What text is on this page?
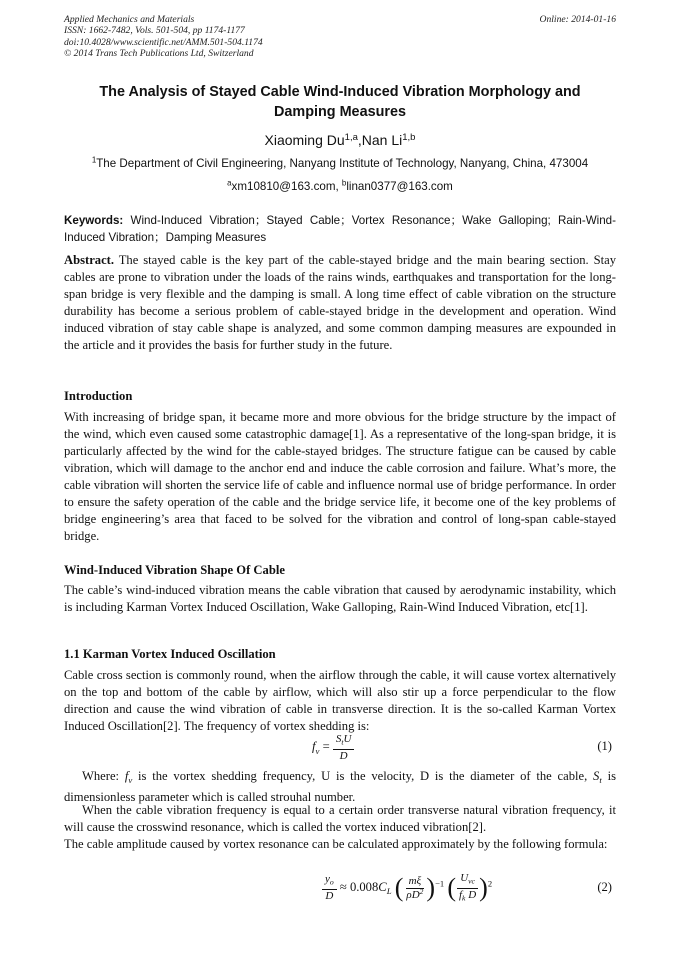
Applied Mechanics and Materials
ISSN: 1662-7482, Vols. 501-504, pp 1174-1177
doi:10.4028/www.scientific.net/AMM.501-504.1174
© 2014 Trans Tech Publications Ltd, Switzerland
Online: 2014-01-16
The Analysis of Stayed Cable Wind-Induced Vibration Morphology and
Damping Measures
Xiaoming Du$^{1,a}$,Nan Li$^{1,b}$
$^1$The Department of Civil Engineering, Nanyang Institute of Technology, Nanyang, China, 473004
$^a$xm10810@163.com, $^b$linan0377@163.com
Keywords: Wind-Induced Vibration；Stayed Cable；Vortex Resonance；Wake Galloping; Rain-Wind-Induced Vibration；Damping Measures
Abstract. The stayed cable is the key part of the cable-stayed bridge and the main bearing section. Stay cables are prone to vibration under the loads of the rains winds, earthquakes and transportation for the long-span bridge is very flexible and the damping is small. A long time effect of cable vibration on the structure durability has become a serious problem of cable-stayed bridge in the development and operation. Wind induced vibration of stay cable shape is analyzed, and some common damping measures are expounded in the article and it provides the basis for further study in the future.
Introduction
With increasing of bridge span, it became more and more obvious for the bridge structure by the impact of the wind, which even caused some catastrophic damage[1]. As a representative of the long-span bridge, it is particularly affected by the wind for the cable-stayed bridges. The structure fatigue can be caused by cable vibration, which will damage to the anchor end and induce the cable corrosion and failure. What’s more, the cable vibration will shorten the service life of cable and influence normal use of bridge performance. In order to ensure the safety operation of the cable and the bridge service life, it become one of the key problems of bridge engineering’s area that faced to be solved for the vibration and control of long-span cable-stayed bridge.
Wind-Induced Vibration Shape Of Cable
The cable’s wind-induced vibration means the cable vibration that caused by aerodynamic instability, which is including Karman Vortex Induced Oscillation, Wake Galloping, Rain-Wind Induced Vibration, etc[1].
1.1 Karman Vortex Induced Oscillation
Cable cross section is commonly round, when the airflow through the cable, it will cause vortex alternatively on the top and bottom of the cable by airflow, which will also stir up a force perpendicular to the flow direction and cause the wind vibration of cable in transverse direction. It is the so-called Karman Vortex Induced Oscillation[2]. The frequency of vortex shedding is:
$f_v = \frac{S_tU}{D}$	(1)
Where: $f_v$ is the vortex shedding frequency, U is the velocity, D is the diameter of the cable, $S_t$ is dimensionless parameter which is called strouhal number.
When the cable vibration frequency is equal to a certain order transverse natural vibration frequency, it will cause the crosswind resonance, which is called the vortex induced vibration[2].
The cable amplitude caused by vortex resonance can be calculated approximately by the following formula:
$\frac{y_o}{D} \approx 0.008C_L$ ( $\frac{m\xi}{\rho D^2} )^{-1}$ ( $\frac{U_{vc}}{f_k D} )^2$	(2)
